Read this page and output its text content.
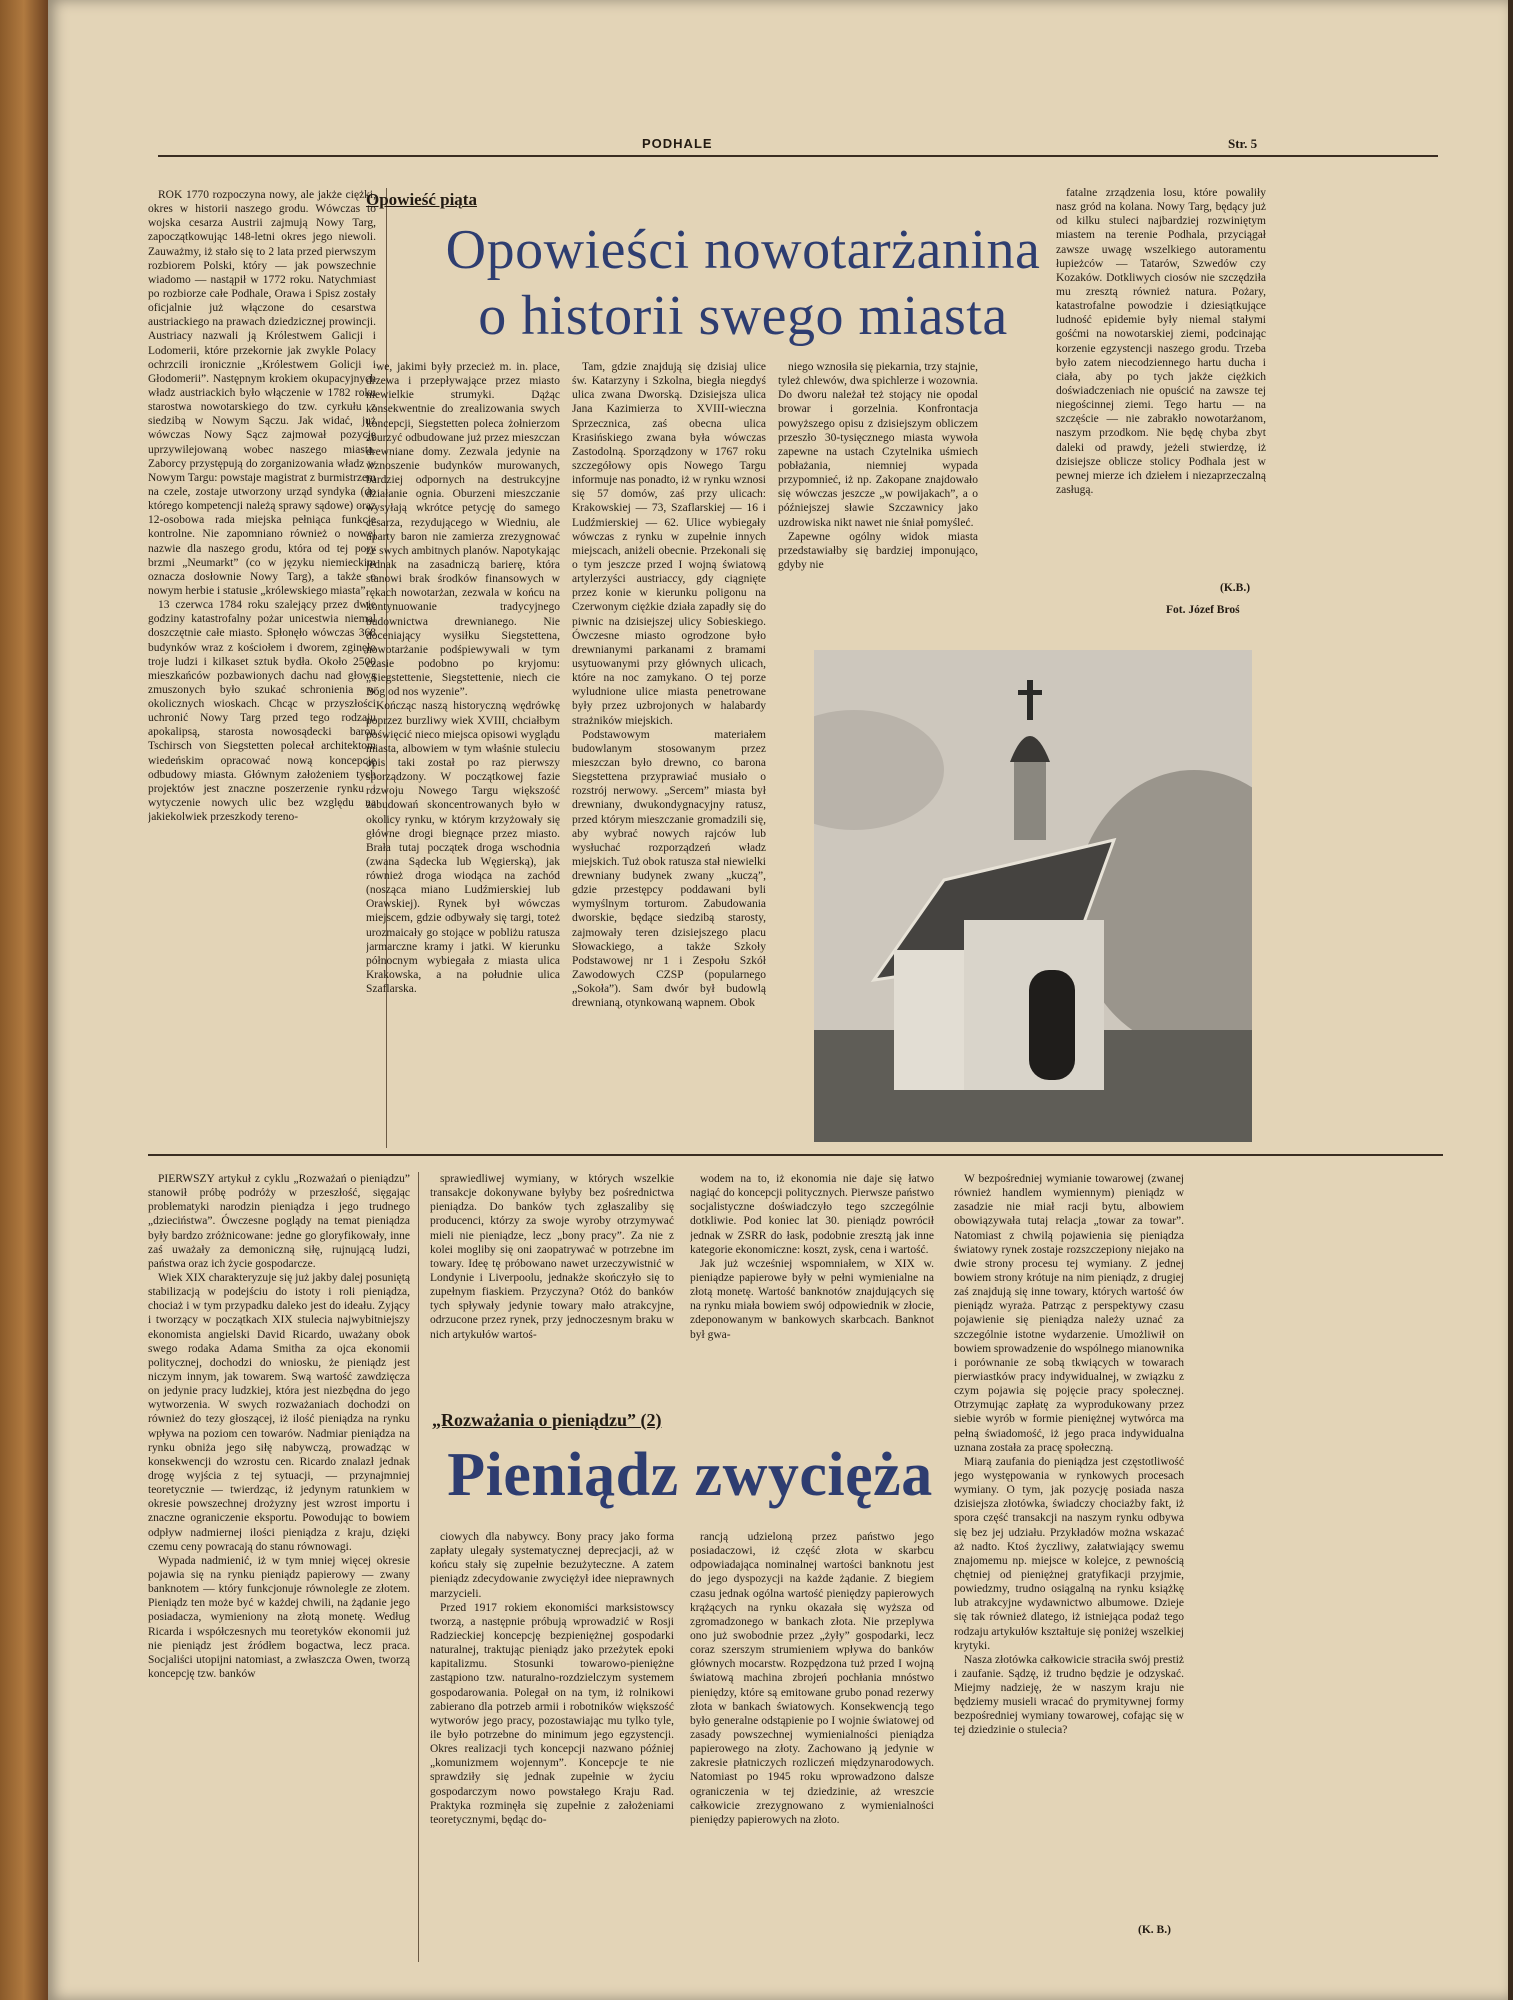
PODHALE	Str. 5

ROK 1770 rozpoczyna nowy, ale jakże ciężki, okres w historii naszego grodu. Wówczas to wojska cesarza Austrii zajmują Nowy Targ, zapoczątkowując 148-letni okres jego niewoli. Zauważmy, iż stało się to 2 lata przed pierwszym rozbiorem Polski, który — jak powszechnie wiadomo — nastąpił w 1772 roku. Natychmiast po rozbiorze całe Podhale, Orawa i Spisz zostały oficjalnie już włączone do cesarstwa austriackiego na prawach dziedzicznej prowincji. Austriacy nazwali ją Królestwem Galicji i Lodomerii, które przekornie jak zwykle Polacy ochrzcili ironicznie „Królestwem Golicji i Głodomerii”. Następnym krokiem okupacyjnych władz austriackich było włączenie w 1782 roku starostwa nowotarskiego do tzw. cyrkułu z siedzibą w Nowym Sączu. Jak widać, już wówczas Nowy Sącz zajmował pozycję uprzywilejowaną wobec naszego miasta. Zaborcy przystępują do zorganizowania władz w Nowym Targu: powstaje magistrat z burmistrzem na czele, zostaje utworzony urząd syndyka (do którego kompetencji należą sprawy sądowe) oraz 12-osobowa rada miejska pełniąca funkcje kontrolne. Nie zapomniano również o nowej nazwie dla naszego grodu, która od tej pory brzmi „Neumarkt” (co w języku niemieckim oznacza dosłownie Nowy Targ), a także o nowym herbie i statusie „królewskiego miasta”.

13 czerwca 1784 roku szalejący przez dwie godziny katastrofalny pożar unicestwia niemal doszczętnie całe miasto. Spłonęło wówczas 368 budynków wraz z kościołem i dworem, zginęło troje ludzi i kilkaset sztuk bydła. Około 2500 mieszkańców pozbawionych dachu nad głową zmuszonych było szukać schronienia w okolicznych wioskach. Chcąc w przyszłości uchronić Nowy Targ przed tego rodzaju apokalipsą, starosta nowosądecki baron Tschirsch von Siegstetten polecał architektom wiedeńskim opracować nową koncepcję odbudowy miasta. Głównym założeniem tych projektów jest znaczne poszerzenie rynku i wytyczenie nowych ulic bez względu na jakiekolwiek przeszkody tereno-

Opowieść piąta
Opowieści nowotarżanina
o historii swego miasta

we, jakimi były przecież m. in. place, drzewa i przepływające przez miasto niewielkie strumyki. Dążąc konsekwentnie do zrealizowania swych koncepcji, Siegstetten poleca żołnierzom zburzyć odbudowane już przez mieszczan drewniane domy. Zezwala jedynie na wznoszenie budynków murowanych, bardziej odpornych na destrukcyjne działanie ognia. Oburzeni mieszczanie wysyłają wkrótce petycję do samego cesarza, rezydującego w Wiedniu, ale uparty baron nie zamierza zrezygnować ze swych ambitnych planów. Napotykając jednak na zasadniczą barierę, która stanowi brak środków finansowych w rękach nowotarżan, zezwala w końcu na kontynuowanie tradycyjnego budownictwa drewnianego. Nie doceniający wysiłku Siegstettena, nowotarżanie podśpiewywali w tym czasie podobno po kryjomu: „Siegstettenie, Siegstettenie, niech cie Bóg od nos wyzenie”.

Kończąc naszą historyczną wędrówkę poprzez burzliwy wiek XVIII, chciałbym poświęcić nieco miejsca opisowi wyglądu miasta, albowiem w tym właśnie stuleciu opis taki został po raz pierwszy sporządzony. W początkowej fazie rozwoju Nowego Targu większość zabudowań skoncentrowanych było w okolicy rynku, w którym krzyżowały się główne drogi biegnące przez miasto. Brała tutaj początek droga wschodnia (zwana Sądecka lub Węgierską), jak również droga wiodąca na zachód (nosząca miano Ludźmierskiej lub Orawskiej). Rynek był wówczas miejscem, gdzie odbywały się targi, toteż urozmaicały go stojące w pobliżu ratusza jarmarczne kramy i jatki. W kierunku północnym wybiegała z miasta ulica Krakowska, a na południe ulica Szaflarska.

Tam, gdzie znajdują się dzisiaj ulice św. Katarzyny i Szkolna, biegła niegdyś ulica zwana Dworską. Dzisiejsza ulica Jana Kazimierza to XVIII-wieczna Sprzecznica, zaś obecna ulica Krasińskiego zwana była wówczas Zastodolną. Sporządzony w 1767 roku szczegółowy opis Nowego Targu informuje nas ponadto, iż w rynku wznosi się 57 domów, zaś przy ulicach: Krakowskiej — 73, Szaflarskiej — 16 i Ludźmierskiej — 62. Ulice wybiegały wówczas z rynku w zupełnie innych miejscach, aniżeli obecnie. Przekonali się o tym jeszcze przed I wojną światową artylerzyści austriaccy, gdy ciągnięte przez konie w kierunku poligonu na Czerwonym ciężkie działa zapadły się do piwnic na dzisiejszej ulicy Sobieskiego. Ówczesne miasto ogrodzone było drewnianymi parkanami z bramami usytuowanymi przy głównych ulicach, które na noc zamykano. O tej porze wyludnione ulice miasta penetrowane były przez uzbrojonych w halabardy strażników miejskich.

Podstawowym materiałem budowlanym stosowanym przez mieszczan było drewno, co barona Siegstettena przyprawiać musiało o rozstrój nerwowy. „Sercem” miasta był drewniany, dwukondygnacyjny ratusz, przed którym mieszczanie gromadzili się, aby wybrać nowych rajców lub wysłuchać rozporządzeń władz miejskich. Tuż obok ratusza stał niewielki drewniany budynek zwany „kuczą”, gdzie przestępcy poddawani byli wymyślnym torturom. Zabudowania dworskie, będące siedzibą starosty, zajmowały teren dzisiejszego placu Słowackiego, a także Szkoły Podstawowej nr 1 i Zespołu Szkół Zawodowych CZSP (popularnego „Sokoła”). Sam dwór był budowlą drewnianą, otynkowaną wapnem. Obok

niego wznosiła się piekarnia, trzy stajnie, tyleż chlewów, dwa spichlerze i wozownia. Do dworu należał też stojący nie opodal browar i gorzelnia. Konfrontacja powyższego opisu z dzisiejszym obliczem przeszło 30-tysięcznego miasta wywoła zapewne na ustach Czytelnika uśmiech pobłażania, niemniej wypada przypomnieć, iż np. Zakopane znajdowało się wówczas jeszcze „w powijakach”, a o późniejszej sławie Szczawnicy jako uzdrowiska nikt nawet nie śniał pomyśleć.

Zapewne ogólny widok miasta przedstawiałby się bardziej imponująco, gdyby nie

fatalne zrządzenia losu, które powaliły nasz gród na kolana. Nowy Targ, będący już od kilku stuleci najbardziej rozwiniętym miastem na terenie Podhala, przyciągał zawsze uwagę wszelkiego autoramentu łupieżców — Tatarów, Szwedów czy Kozaków. Dotkliwych ciosów nie szczędziła mu zresztą również natura. Pożary, katastrofalne powodzie i dziesiątkujące ludność epidemie były niemal stałymi gośćmi na nowotarskiej ziemi, podcinając korzenie egzystencji naszego grodu. Trzeba było zatem niecodziennego hartu ducha i ciała, aby po tych jakże ciężkich doświadczeniach nie opuścić na zawsze tej niegościnnej ziemi. Tego hartu — na szczęście — nie zabrakło nowotarżanom, naszym przodkom. Nie będę chyba zbyt daleki od prawdy, jeżeli stwierdzę, iż dzisiejsze oblicze stolicy Podhala jest w pewnej mierze ich dziełem i niezaprzeczalną zasługą.

(K.B.)
Fot. Józef Broś

PIERWSZY artykuł z cyklu „Rozważań o pieniądzu” stanowił próbę podróży w przeszłość, sięgając problematyki narodzin pieniądza i jego trudnego „dzieciństwa”. Ówczesne poglądy na temat pieniądza były bardzo zróżnicowane: jedne go gloryfikowały, inne zaś uważały za demoniczną siłę, rujnującą ludzi, państwa oraz ich życie gospodarcze.

Wiek XIX charakteryzuje się już jakby dalej posuniętą stabilizacją w podejściu do istoty i roli pieniądza, chociaż i w tym przypadku daleko jest do ideału. Zyjący i tworzący w początkach XIX stulecia najwybitniejszy ekonomista angielski David Ricardo, uważany obok swego rodaka Adama Smitha za ojca ekonomii politycznej, dochodzi do wniosku, że pieniądz jest niczym innym, jak towarem. Swą wartość zawdzięcza on jedynie pracy ludzkiej, która jest niezbędna do jego wytworzenia. W swych rozważaniach dochodzi on również do tezy głoszącej, iż ilość pieniądza na rynku wpływa na poziom cen towarów. Nadmiar pieniądza na rynku obniża jego siłę nabywczą, prowadząc w konsekwencji do wzrostu cen. Ricardo znalazł jednak drogę wyjścia z tej sytuacji, — przynajmniej teoretycznie — twierdząc, iż jedynym ratunkiem w okresie powszechnej drożyzny jest wzrost importu i znaczne ograniczenie eksportu. Powodując to bowiem odpływ nadmiernej ilości pieniądza z kraju, dzięki czemu ceny powracają do stanu równowagi.

Wypada nadmienić, iż w tym mniej więcej okresie pojawia się na rynku pieniądz papierowy — zwany banknotem — który funkcjonuje równolegle ze złotem. Pieniądz ten może być w każdej chwili, na żądanie jego posiadacza, wymieniony na złotą monetę. Według Ricarda i współczesnych mu teoretyków ekonomii już nie pieniądz jest źródłem bogactwa, lecz praca. Socjaliści utopijni natomiast, a zwłaszcza Owen, tworzą koncepcję tzw. banków

sprawiedliwej wymiany, w których wszelkie transakcje dokonywane byłyby bez pośrednictwa pieniądza. Do banków tych zgłaszaliby się producenci, którzy za swoje wyroby otrzymywać mieli nie pieniądze, lecz „bony pracy”. Za nie z kolei mogliby się oni zaopatrywać w potrzebne im towary. Ideę tę próbowano nawet urzeczywistnić w Londynie i Liverpoolu, jednakże skończyło się to zupełnym fiaskiem. Przyczyna? Otóż do banków tych spływały jedynie towary mało atrakcyjne, odrzucone przez rynek, przy jednoczesnym braku w nich artykułów wartoś-

wodem na to, iż ekonomia nie daje się łatwo nagiąć do koncepcji politycznych. Pierwsze państwo socjalistyczne doświadczyło tego szczególnie dotkliwie. Pod koniec lat 30. pieniądz powrócił jednak w ZSRR do łask, podobnie zresztą jak inne kategorie ekonomiczne: koszt, zysk, cena i wartość.

Jak już wcześniej wspomniałem, w XIX w. pieniądze papierowe były w pełni wymienialne na złotą monetę. Wartość banknotów znajdujących się na rynku miała bowiem swój odpowiednik w złocie, zdeponowanym w bankowych skarbcach. Banknot był gwa-

„Rozważania o pieniądzu” (2)
Pieniądz zwycięża

ciowych dla nabywcy. Bony pracy jako forma zapłaty ulegały systematycznej deprecjacji, aż w końcu stały się zupełnie bezużyteczne. A zatem pieniądz zdecydowanie zwyciężył idee nieprawnych marzycieli.

Przed 1917 rokiem ekonomiści marksistowscy tworzą, a następnie próbują wprowadzić w Rosji Radzieckiej koncepcję bezpieniężnej gospodarki naturalnej, traktując pieniądz jako przeżytek epoki kapitalizmu. Stosunki towarowo-pieniężne zastąpiono tzw. naturalno-rozdzielczym systemem gospodarowania. Polegał on na tym, iż rolnikowi zabierano dla potrzeb armii i robotników większość wytworów jego pracy, pozostawiając mu tylko tyle, ile było potrzebne do minimum jego egzystencji. Okres realizacji tych koncepcji nazwano później „komunizmem wojennym”. Koncepcje te nie sprawdziły się jednak zupełnie w życiu gospodarczym nowo powstałego Kraju Rad. Praktyka rozminęła się zupełnie z założeniami teoretycznymi, będąc do-

rancją udzieloną przez państwo jego posiadaczowi, iż część złota w skarbcu odpowiadająca nominalnej wartości banknotu jest do jego dyspozycji na każde żądanie. Z biegiem czasu jednak ogólna wartość pieniędzy papierowych krążących na rynku okazała się wyższa od zgromadzonego w bankach złota. Nie przeplywa ono już swobodnie przez „żyły” gospodarki, lecz coraz szerszym strumieniem wpływa do banków głównych mocarstw. Rozpędzona tuż przed I wojną światową machina zbrojeń pochłania mnóstwo pieniędzy, które są emitowane grubo ponad rezerwy złota w bankach światowych. Konsekwencją tego było generalne odstąpienie po I wojnie światowej od zasady powszechnej wymienialności pieniądza papierowego na złoty. Zachowano ją jedynie w zakresie płatniczych rozliczeń międzynarodowych. Natomiast po 1945 roku wprowadzono dalsze ograniczenia w tej dziedzinie, aż wreszcie całkowicie zrezygnowano z wymienialności pieniędzy papierowych na złoto.

W bezpośredniej wymianie towarowej (zwanej również handlem wymiennym) pieniądz w zasadzie nie miał racji bytu, albowiem obowiązywała tutaj relacja „towar za towar”. Natomiast z chwilą pojawienia się pieniądza światowy rynek zostaje rozszczepiony niejako na dwie strony procesu tej wymiany. Z jednej bowiem strony krótuje na nim pieniądz, z drugiej zaś znajdują się inne towary, których wartość ów pieniądz wyraża. Patrząc z perspektywy czasu pojawienie się pieniądza należy uznać za szczególnie istotne wydarzenie. Umożliwił on bowiem sprowadzenie do wspólnego mianownika i porównanie ze sobą tkwiących w towarach pierwiastków pracy indywidualnej, w związku z czym pojawia się pojęcie pracy społecznej. Otrzymując zapłatę za wyprodukowany przez siebie wyrób w formie pieniężnej wytwórca ma pełną świadomość, iż jego praca indywidualna uznana została za pracę społeczną.

Miarą zaufania do pieniądza jest częstotliwość jego występowania w rynkowych procesach wymiany. O tym, jak pozycję posiada nasza dzisiejsza złotówka, świadczy chociażby fakt, iż spora część transakcji na naszym rynku odbywa się bez jej udziału. Przykładów można wskazać aż nadto. Ktoś życzliwy, załatwiający swemu znajomemu np. miejsce w kolejce, z pewnością chętniej od pieniężnej gratyfikacji przyjmie, powiedzmy, trudno osiągalną na rynku książkę lub atrakcyjne wydawnictwo albumowe. Dzieje się tak również dlatego, iż istniejąca podaż tego rodzaju artykułów kształtuje się poniżej wszelkiej krytyki.

Nasza złotówka całkowicie straciła swój prestiż i zaufanie. Sądzę, iż trudno będzie je odzyskać. Miejmy nadzieję, że w naszym kraju nie będziemy musieli wracać do prymitywnej formy bezpośredniej wymiany towarowej, cofając się w tej dziedzinie o stulecia?

(K. B.)
